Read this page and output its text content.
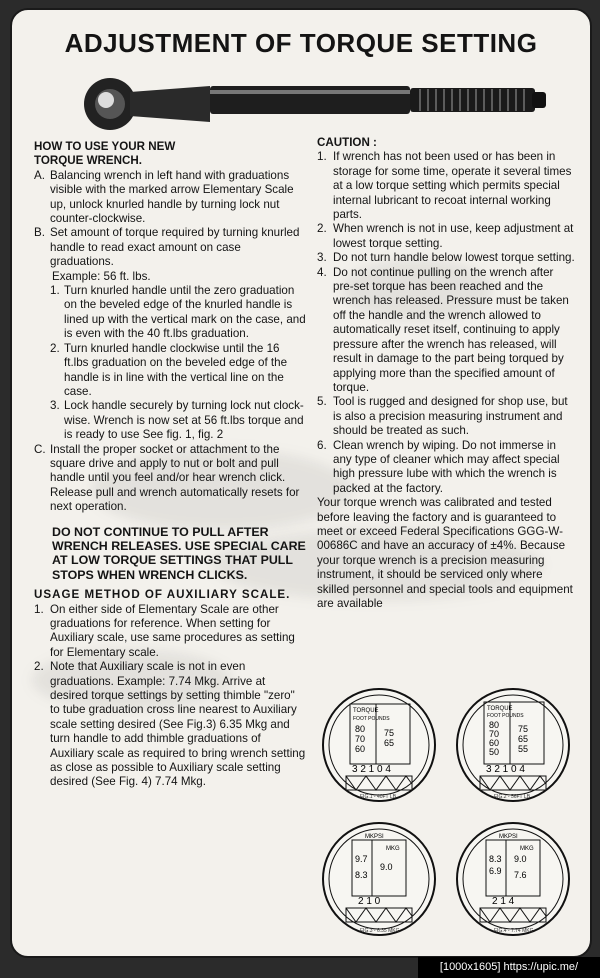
ADJUSTMENT OF TORQUE SETTING

HOW TO USE YOUR NEW

TORQUE WRENCH.

A. Balancing wrench in left hand with graduations visible with the marked arrow Elementary Scale up, unlock knurled handle by turning lock nut counter-clockwise.
B. Set amount of torque required by turning knurled handle to read exact amount on case graduations.
Example: 56 ft. lbs.
1. Turn knurled handle until the zero graduation on the beveled edge of the knurled handle is lined up with the vertical mark on the case, and is even with the 40 ft.lbs graduation.
2. Turn knurled handle clockwise until the 16 ft.lbs graduation on the beveled edge of the handle is in line with the vertical line on the case.
3. Lock handle securely by turning lock nut clock-wise. Wrench is now set at 56 ft.lbs torque and is ready to use See fig. 1, fig. 2
C. Install the proper socket or attachment to the square drive and apply to nut or bolt and pull handle until you feel and/or hear wrench click. Release pull and wrench automatically resets for next operation.
DO NOT CONTINUE TO PULL AFTER WRENCH RELEASES. USE SPECIAL CARE AT LOW TORQUE SETTINGS THAT PULL STOPS WHEN WRENCH CLICKS.

USAGE METHOD OF AUXILIARY SCALE.

1. On either side of Elementary Scale are other graduations for reference. When setting for Auxiliary scale, use same procedures as setting for Elementary scale.
2. Note that Auxiliary scale is not in even graduations. Example: 7.74 Mkg. Arrive at desired torque settings by setting thimble "zero" to tube graduation cross line nearest to Auxiliary scale setting desired (See Fig.3) 6.35 Mkg and turn handle to add thimble graduations of Auxiliary scale as required to bring wrench setting as close as possible to Auxiliary scale setting desired (See Fig. 4) 7.74 Mkg.

CAUTION :

1. If wrench has not been used or has been in storage for some time, operate it several times at a low torque setting which permits special internal lubricant to recoat internal working parts.
2. When wrench is not in use, keep adjustment at lowest torque setting.
3. Do not turn handle below lowest torque setting.
4. Do not continue pulling on the wrench after pre-set torque has been reached and the wrench has released. Pressure must be taken off the handle and the wrench allowed to automatically reset itself, continuing to apply pressure after the wrench has released, will result in damage to the part being torqued by applying more than the specified amount of torque.
5. Tool is rugged and designed for shop use, but is also a precision measuring instrument and should be treated as such.
6. Clean wrench by wiping. Do not immerse in any type of cleaner which may affect special high pressure lube with which the wrench is packed at the factory.
Your torque wrench was calibrated and tested before leaving the factory and is guaranteed to meet or exceed Federal Specifications GGG-W-00686C and have an accuracy of ±4%. Because your torque wrench is a precision measuring instrument, it should be serviced only where skilled personnel and special tools and equipment are available
TORQUE
FOOT POUNDS
80
70
60
75
65
3 2 1 0 4
FIG.1 - 40FT LB
TORQUE
FOOT POUNDS
80
70
60
50
75
65
55
3 2 1 0 4
FIG.2 - 56FT LB
MKPSI
MKG
9.7
8.3
9.0
2 1 0
FIG.3 - 6.35 MKG
MKPSI
MKG
8.3
6.9
9.0
7.6
2 1 4
FIG.4 - 7.74 MKG
[1000x1605] https://upic.me/
